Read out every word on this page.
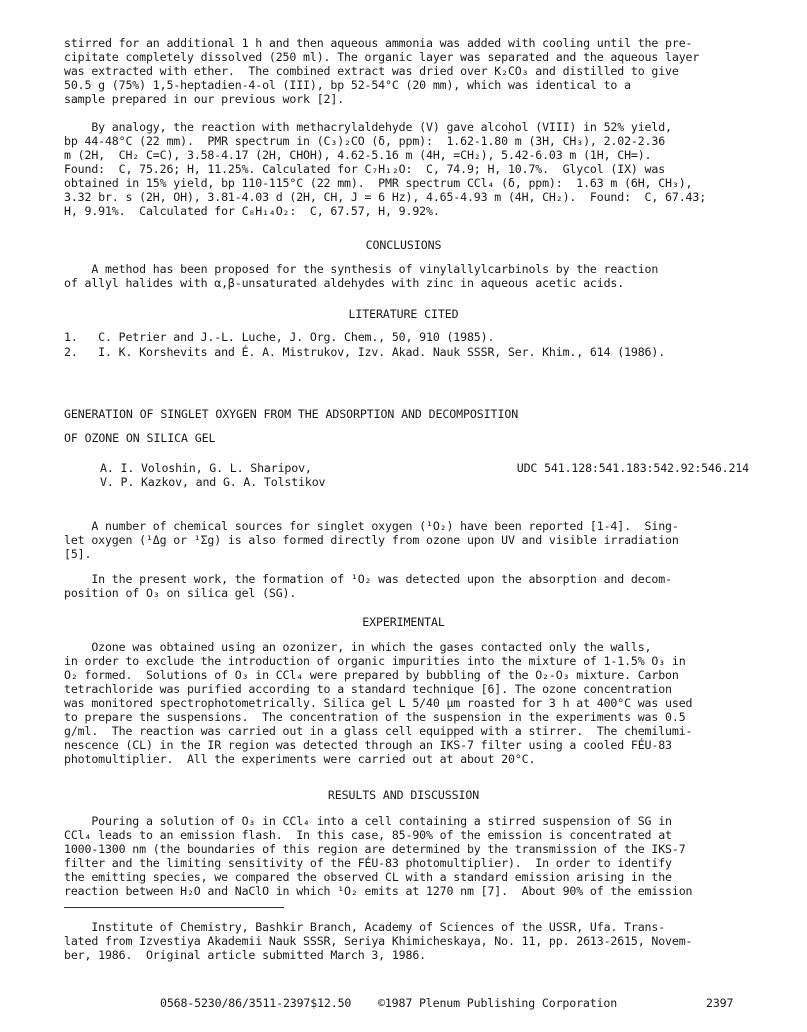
stirred for an additional 1 h and then aqueous ammonia was added with cooling until the pre-
cipitate completely dissolved (250 ml). The organic layer was separated and the aqueous layer
was extracted with ether.  The combined extract was dried over K₂CO₃ and distilled to give
50.5 g (75%) 1,5-heptadien-4-ol (III), bp 52-54°C (20 mm), which was identical to a
sample prepared in our previous work [2].
By analogy, the reaction with methacrylaldehyde (V) gave alcohol (VIII) in 52% yield,
bp 44-48°C (22 mm).  PMR spectrum in (C₃)₂CO (δ, ppm):  1.62-1.80 m (3H, CH₃), 2.02-2.36
m (2H,  CH₂ C=C), 3.58-4.17 (2H, CHOH), 4.62-5.16 m (4H, =CH₂), 5.42-6.03 m (1H, CH=).
Found:  C, 75.26; H, 11.25%. Calculated for C₇H₁₂O:  C, 74.9; H, 10.7%.  Glycol (IX) was
obtained in 15% yield, bp 110-115°C (22 mm).  PMR spectrum CCl₄ (δ, ppm):  1.63 m (6H, CH₃),
3.32 br. s (2H, OH), 3.81-4.03 d (2H, CH, J = 6 Hz), 4.65-4.93 m (4H, CH₂).  Found:  C, 67.43;
H, 9.91%.  Calculated for C₈H₁₄O₂:  C, 67.57, H, 9.92%.
CONCLUSIONS
A method has been proposed for the synthesis of vinylallylcarbinols by the reaction
of allyl halides with α,β-unsaturated aldehydes with zinc in aqueous acetic acids.
LITERATURE CITED
1.   C. Petrier and J.-L. Luche, J. Org. Chem., 50, 910 (1985).
2.   I. K. Korshevits and É. A. Mistrukov, Izv. Akad. Nauk SSSR, Ser. Khim., 614 (1986).
GENERATION OF SINGLET OXYGEN FROM THE ADSORPTION AND DECOMPOSITION
OF OZONE ON SILICA GEL
A. I. Voloshin, G. L. Sharipov,
V. P. Kazkov, and G. A. Tolstikov
UDC 541.128:541.183:542.92:546.214
A number of chemical sources for singlet oxygen (¹O₂) have been reported [1-4].  Sing-
let oxygen (¹Δg or ¹Σg) is also formed directly from ozone upon UV and visible irradiation
[5].
In the present work, the formation of ¹O₂ was detected upon the absorption and decom-
position of O₃ on silica gel (SG).
EXPERIMENTAL
Ozone was obtained using an ozonizer, in which the gases contacted only the walls,
in order to exclude the introduction of organic impurities into the mixture of 1-1.5% O₃ in
O₂ formed.  Solutions of O₃ in CCl₄ were prepared by bubbling of the O₂-O₃ mixture. Carbon
tetrachloride was purified according to a standard technique [6]. The ozone concentration
was monitored spectrophotometrically. Silica gel L 5/40 μm roasted for 3 h at 400°C was used
to prepare the suspensions.  The concentration of the suspension in the experiments was 0.5
g/ml.  The reaction was carried out in a glass cell equipped with a stirrer.  The chemilumi-
nescence (CL) in the IR region was detected through an IKS-7 filter using a cooled FÉU-83
photomultiplier.  All the experiments were carried out at about 20°C.
RESULTS AND DISCUSSION
Pouring a solution of O₃ in CCl₄ into a cell containing a stirred suspension of SG in
CCl₄ leads to an emission flash.  In this case, 85-90% of the emission is concentrated at
1000-1300 nm (the boundaries of this region are determined by the transmission of the IKS-7
filter and the limiting sensitivity of the FÉU-83 photomultiplier).  In order to identify
the emitting species, we compared the observed CL with a standard emission arising in the
reaction between H₂O and NaClO in which ¹O₂ emits at 1270 nm [7].  About 90% of the emission
Institute of Chemistry, Bashkir Branch, Academy of Sciences of the USSR, Ufa. Trans-
lated from Izvestiya Akademii Nauk SSSR, Seriya Khimicheskaya, No. 11, pp. 2613-2615, Novem-
ber, 1986.  Original article submitted March 3, 1986.
0568-5230/86/3511-2397$12.50 ©1987 Plenum Publishing Corporation	2397
